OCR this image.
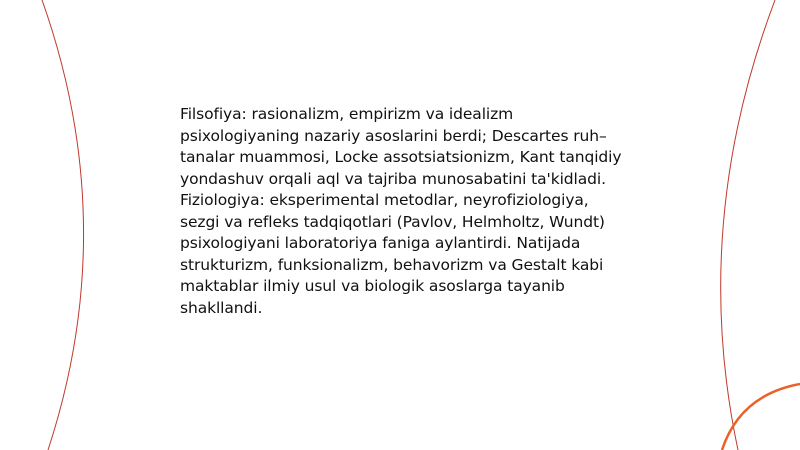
Filsofiya: rasionalizm, empirizm va idealizm psixologiyaning nazariy asoslarini berdi; Descartes ruh–tanalar muammosi, Locke assotsiatsionizm, Kant tanqidiy yondashuv orqali aql va tajriba munosabatini ta'kidladi. Fiziologiya: eksperimental metodlar, neyrofiziologiya, sezgi va refleks tadqiqotlari (Pavlov, Helmholtz, Wundt) psixologiyani laboratoriya faniga aylantirdi. Natijada strukturizm, funksionalizm, behavorizm va Gestalt kabi maktablar ilmiy usul va biologik asoslarga tayanib shakllandi.
